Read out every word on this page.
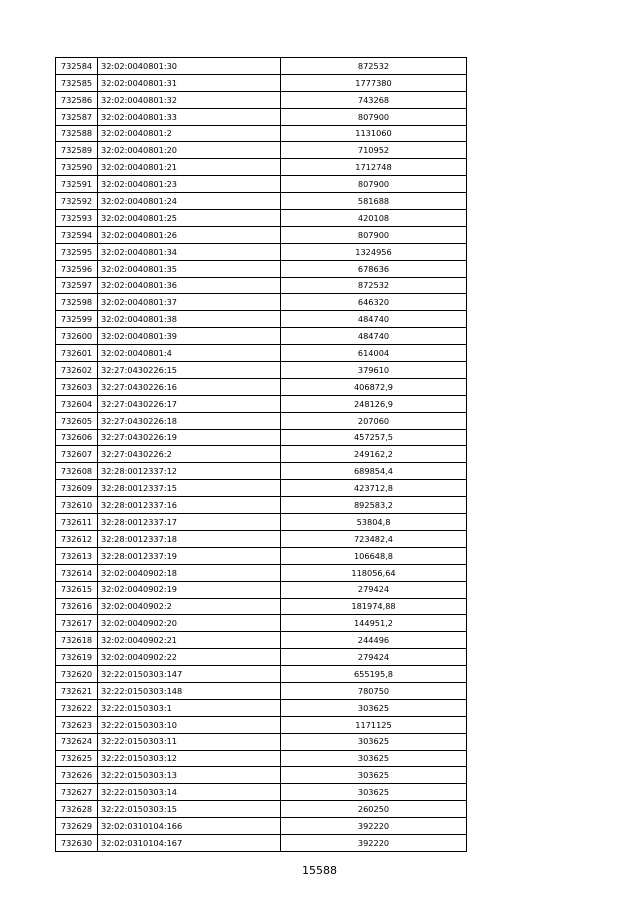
732584	32:02:0040801:30	872532
732585	32:02:0040801:31	1777380
732586	32:02:0040801:32	743268
732587	32:02:0040801:33	807900
732588	32:02:0040801:2	1131060
732589	32:02:0040801:20	710952
732590	32:02:0040801:21	1712748
732591	32:02:0040801:23	807900
732592	32:02:0040801:24	581688
732593	32:02:0040801:25	420108
732594	32:02:0040801:26	807900
732595	32:02:0040801:34	1324956
732596	32:02:0040801:35	678636
732597	32:02:0040801:36	872532
732598	32:02:0040801:37	646320
732599	32:02:0040801:38	484740
732600	32:02:0040801:39	484740
732601	32:02:0040801:4	614004
732602	32:27:0430226:15	379610
732603	32:27:0430226:16	406872,9
732604	32:27:0430226:17	248126,9
732605	32:27:0430226:18	207060
732606	32:27:0430226:19	457257,5
732607	32:27:0430226:2	249162,2
732608	32:28:0012337:12	689854,4
732609	32:28:0012337:15	423712,8
732610	32:28:0012337:16	892583,2
732611	32:28:0012337:17	53804,8
732612	32:28:0012337:18	723482,4
732613	32:28:0012337:19	106648,8
732614	32:02:0040902:18	118056,64
732615	32:02:0040902:19	279424
732616	32:02:0040902:2	181974,88
732617	32:02:0040902:20	144951,2
732618	32:02:0040902:21	244496
732619	32:02:0040902:22	279424
732620	32:22:0150303:147	655195,8
732621	32:22:0150303:148	780750
732622	32:22:0150303:1	303625
732623	32:22:0150303:10	1171125
732624	32:22:0150303:11	303625
732625	32:22:0150303:12	303625
732626	32:22:0150303:13	303625
732627	32:22:0150303:14	303625
732628	32:22:0150303:15	260250
732629	32:02:0310104:166	392220
732630	32:02:0310104:167	392220
15588
